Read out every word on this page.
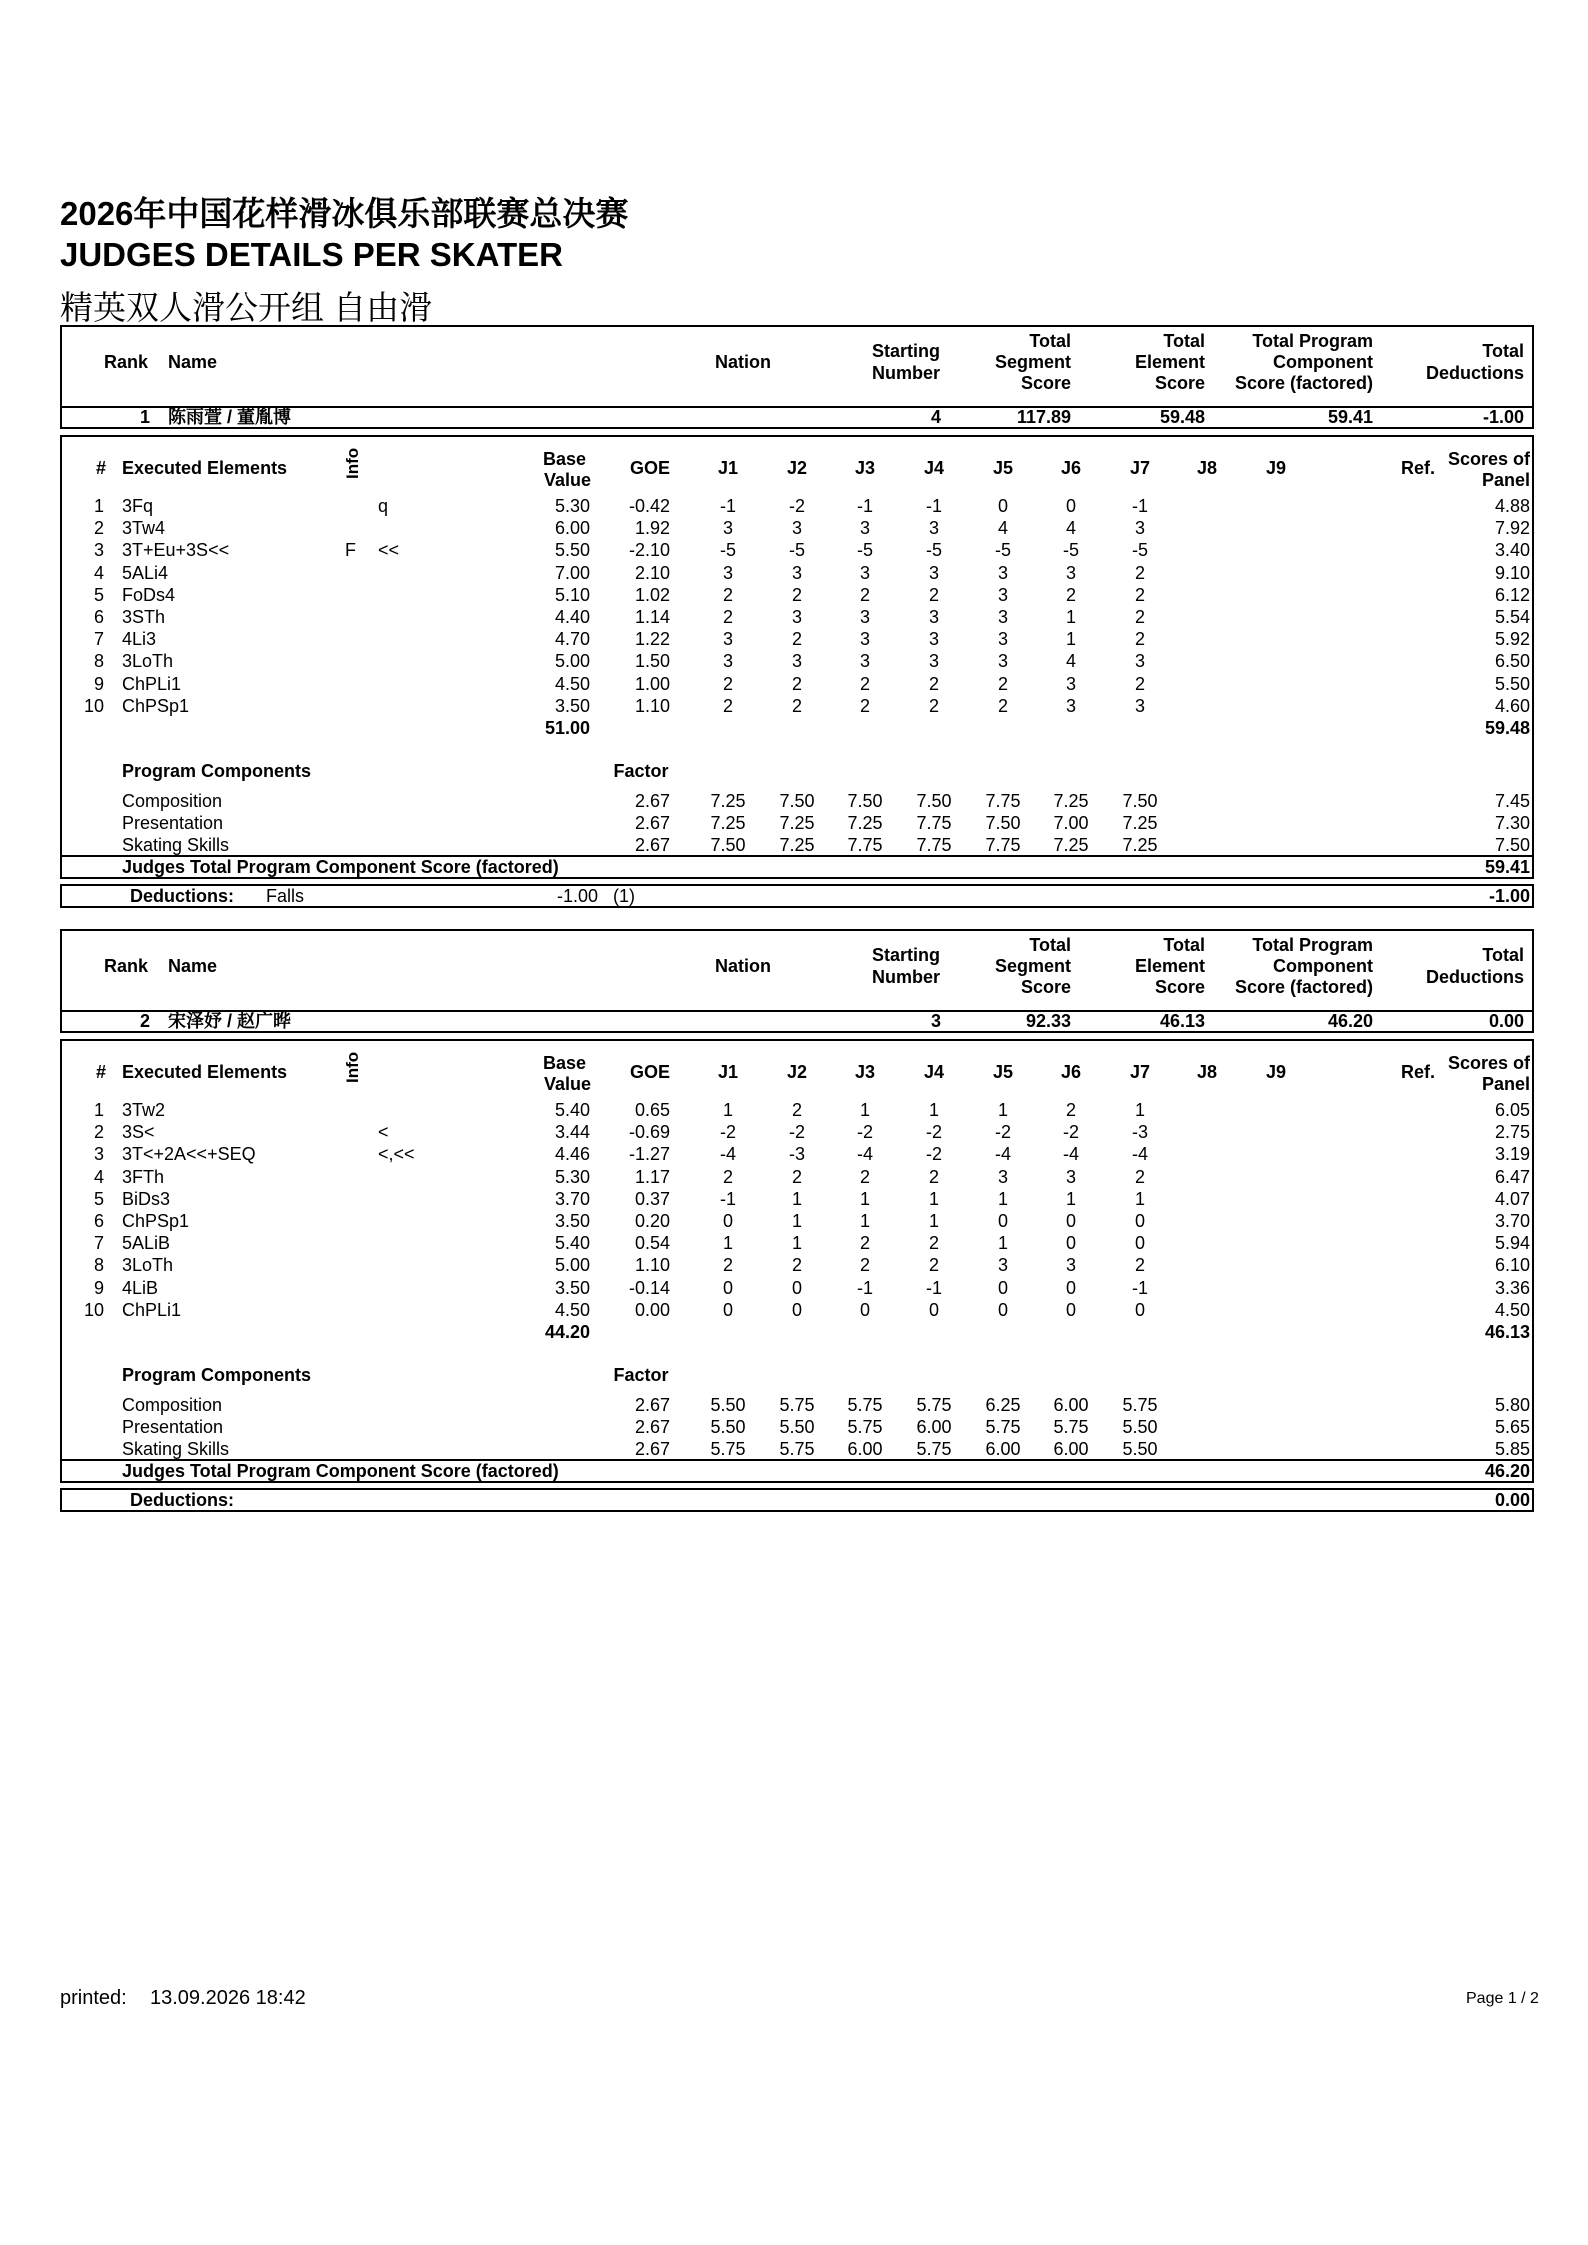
2026年中国花样滑冰俱乐部联赛总决赛
JUDGES DETAILS PER SKATER
精英双人滑公开组 自由滑
Rank Name	Nation
Starting
Number
Total
Segment
Score
Total
Element
Score
Total Program
Component
Score (factored)
Total
Deductions
1 陈雨萱 / 董胤博	4	117.89	59.48	59.41	-1.00
# Executed Elements	Info	Base
Value
GOE	J1	J2	J3	J4	J5	J6	J7	J8	J9	Ref. Scores of
Panel
1 3Fq	q	5.30	-0.42	-1	-2	-1	-1	0	0	-1	4.88
2 3Tw4	6.00	1.92	3	3	3	3	4	4	3	7.92
3 3T+Eu+3S<<	F <<	5.50	-2.10	-5	-5	-5	-5	-5	-5	-5	3.40
4 5ALi4	7.00	2.10	3	3	3	3	3	3	2	9.10
5 FoDs4	5.10	1.02	2	2	2	2	3	2	2	6.12
6 3STh	4.40	1.14	2	3	3	3	3	1	2	5.54
7 4Li3	4.70	1.22	3	2	3	3	3	1	2	5.92
8 3LoTh	5.00	1.50	3	3	3	3	3	4	3	6.50
9 ChPLi1	4.50	1.00	2	2	2	2	2	3	2	5.50
10 ChPSp1	3.50	1.10	2	2	2	2	2	3	3	4.60
51.00	59.48
Program Components	Factor
Composition	2.67	7.25	7.50	7.50	7.50	7.75	7.25	7.50	7.45
Presentation	2.67	7.25	7.25	7.25	7.75	7.50	7.00	7.25	7.30
Skating Skills	2.67	7.50	7.25	7.75	7.75	7.75	7.25	7.25	7.50
Judges Total Program Component Score (factored)	59.41
Deductions: Falls	-1.00 (1)	-1.00
Rank Name	Nation
Starting
Number
Total
Segment
Score
Total
Element
Score
Total Program
Component
Score (factored)
Total
Deductions
2 宋泽妤 / 赵广晔	3	92.33	46.13	46.20	0.00
# Executed Elements	Info	Base
Value
GOE	J1	J2	J3	J4	J5	J6	J7	J8	J9	Ref. Scores of
Panel
1 3Tw2	5.40	0.65	1	2	1	1	1	2	1	6.05
2 3S<	<	3.44	-0.69	-2	-2	-2	-2	-2	-2	-3	2.75
3 3T<+2A<<+SEQ	<,<<	4.46	-1.27	-4	-3	-4	-2	-4	-4	-4	3.19
4 3FTh	5.30	1.17	2	2	2	2	3	3	2	6.47
5 BiDs3	3.70	0.37	-1	1	1	1	1	1	1	4.07
6 ChPSp1	3.50	0.20	0	1	1	1	0	0	0	3.70
7 5ALiB	5.40	0.54	1	1	2	2	1	0	0	5.94
8 3LoTh	5.00	1.10	2	2	2	2	3	3	2	6.10
9 4LiB	3.50	-0.14	0	0	-1	-1	0	0	-1	3.36
10 ChPLi1	4.50	0.00	0	0	0	0	0	0	0	4.50
44.20	46.13
Program Components	Factor
Composition	2.67	5.50	5.75	5.75	5.75	6.25	6.00	5.75	5.80
Presentation	2.67	5.50	5.50	5.75	6.00	5.75	5.75	5.50	5.65
Skating Skills	2.67	5.75	5.75	6.00	5.75	6.00	6.00	5.50	5.85
Judges Total Program Component Score (factored)	46.20
Deductions:	0.00
printed: 13.09.2026 18:42	Page 1 / 2
